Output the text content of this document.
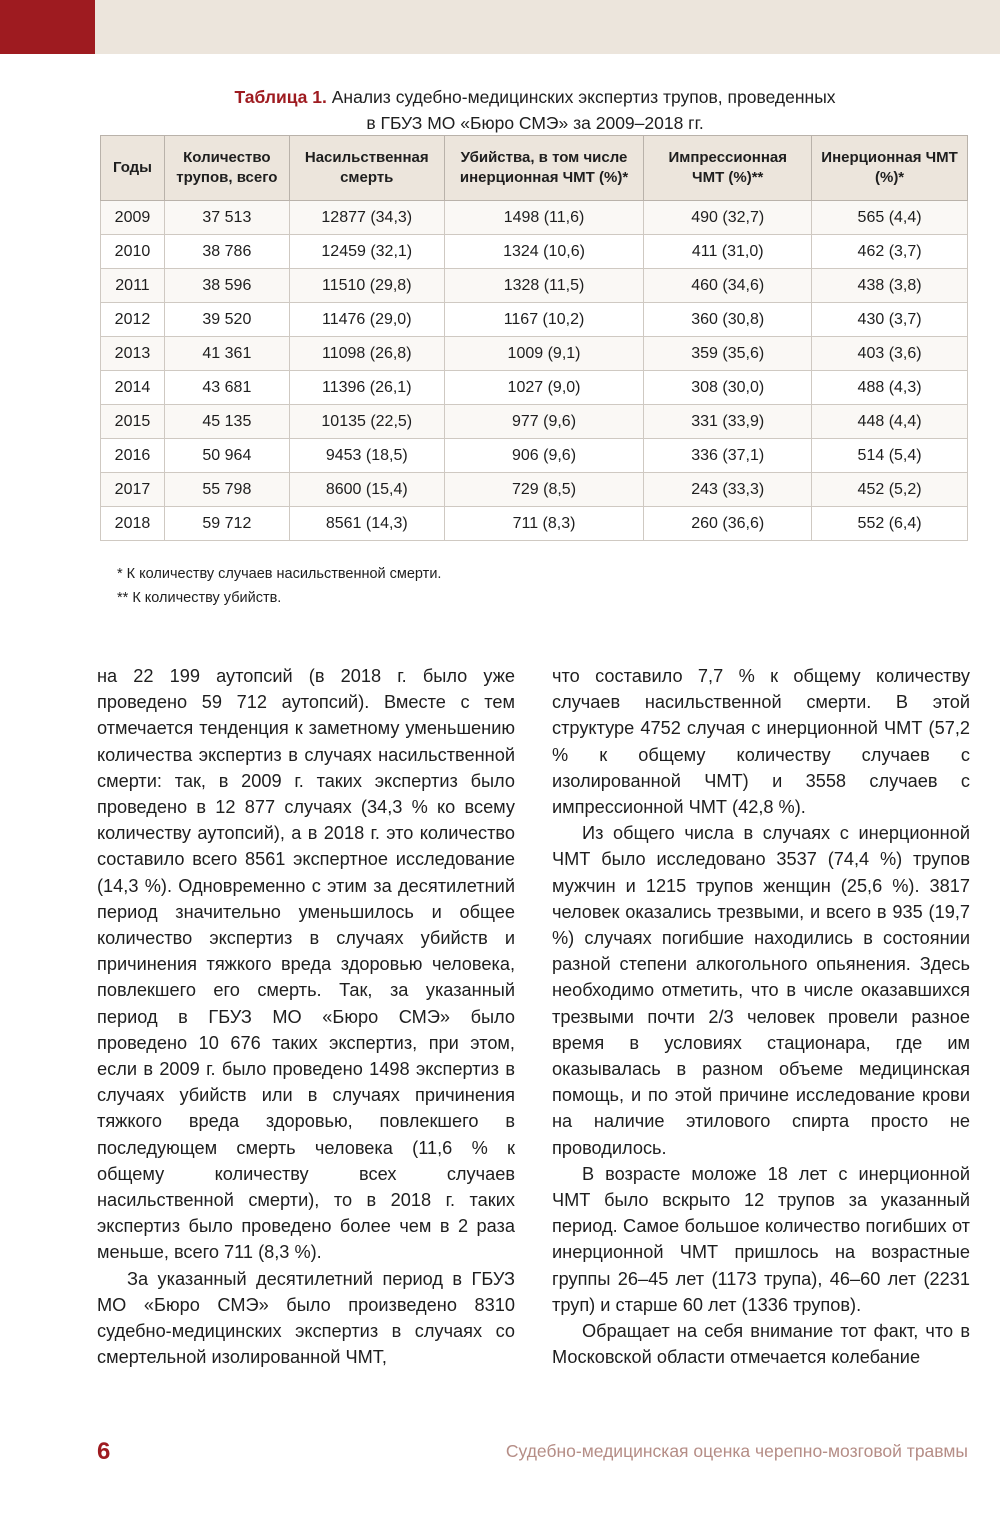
Таблица 1. Анализ судебно-медицинских экспертиз трупов, проведенных
в ГБУЗ МО «Бюро СМЭ» за 2009–2018 гг.
Годы	Количество трупов, всего	Насильственная смерть	Убийства, в том числе инерционная ЧМТ (%)*	Импрессионная ЧМТ (%)**	Инерционная ЧМТ (%)*
2009	37 513	12877 (34,3)	1498 (11,6)	490 (32,7)	565 (4,4)
2010	38 786	12459 (32,1)	1324 (10,6)	411 (31,0)	462 (3,7)
2011	38 596	11510 (29,8)	1328 (11,5)	460 (34,6)	438 (3,8)
2012	39 520	11476 (29,0)	1167 (10,2)	360 (30,8)	430 (3,7)
2013	41 361	11098 (26,8)	1009 (9,1)	359 (35,6)	403 (3,6)
2014	43 681	11396 (26,1)	1027 (9,0)	308 (30,0)	488 (4,3)
2015	45 135	10135 (22,5)	977 (9,6)	331 (33,9)	448 (4,4)
2016	50 964	9453 (18,5)	906 (9,6)	336 (37,1)	514 (5,4)
2017	55 798	8600 (15,4)	729 (8,5)	243 (33,3)	452 (5,2)
2018	59 712	8561 (14,3)	711 (8,3)	260 (36,6)	552 (6,4)
* К количеству случаев насильственной смерти.
** К количеству убийств.

на 22 199 аутопсий (в 2018 г. было уже проведено 59 712 аутопсий). Вместе с тем отмечается тенденция к заметному уменьшению количества экспертиз в случаях насильственной смерти: так, в 2009 г. таких экспертиз было проведено в 12 877 случаях (34,3 % ко всему количеству аутопсий), а в 2018 г. это количество составило всего 8561 экспертное исследование (14,3 %). Одновременно с этим за десятилетний период значительно уменьшилось и общее количество экспертиз в случаях убийств и причинения тяжкого вреда здоровью человека, повлекшего его смерть. Так, за указанный период в ГБУЗ МО «Бюро СМЭ» было проведено 10 676 таких экспертиз, при этом, если в 2009 г. было проведено 1498 экспертиз в случаях убийств или в случаях причинения тяжкого вреда здоровью, повлекшего в последующем смерть человека (11,6 % к общему количеству всех случаев насильственной смерти), то в 2018 г. таких экспертиз было проведено более чем в 2 раза меньше, всего 711 (8,3 %).

За указанный десятилетний период в ГБУЗ МО «Бюро СМЭ» было произведено 8310 судебно-медицинских экспертиз в случаях со смертельной изолированной ЧМТ,

что составило 7,7 % к общему количеству случаев насильственной смерти. В этой структуре 4752 случая с инерционной ЧМТ (57,2 % к общему количеству случаев с изолированной ЧМТ) и 3558 случаев с импрессионной ЧМТ (42,8 %).

Из общего числа в случаях с инерционной ЧМТ было исследовано 3537 (74,4 %) трупов мужчин и 1215 трупов женщин (25,6 %). 3817 человек оказались трезвыми, и всего в 935 (19,7 %) случаях погибшие находились в состоянии разной степени алкогольного опьянения. Здесь необходимо отметить, что в числе оказавшихся трезвыми почти 2/3 человек провели разное время в условиях стационара, где им оказывалась в разном объеме медицинская помощь, и по этой причине исследование крови на наличие этилового спирта просто не проводилось.

В возрасте моложе 18 лет с инерционной ЧМТ было вскрыто 12 трупов за указанный период. Самое большое количество погибших от инерционной ЧМТ пришлось на возрастные группы 26–45 лет (1173 трупа), 46–60 лет (2231 труп) и старше 60 лет (1336 трупов).

Обращает на себя внимание тот факт, что в Московской области отмечается колебание

6	Судебно-медицинская оценка черепно-мозговой травмы
